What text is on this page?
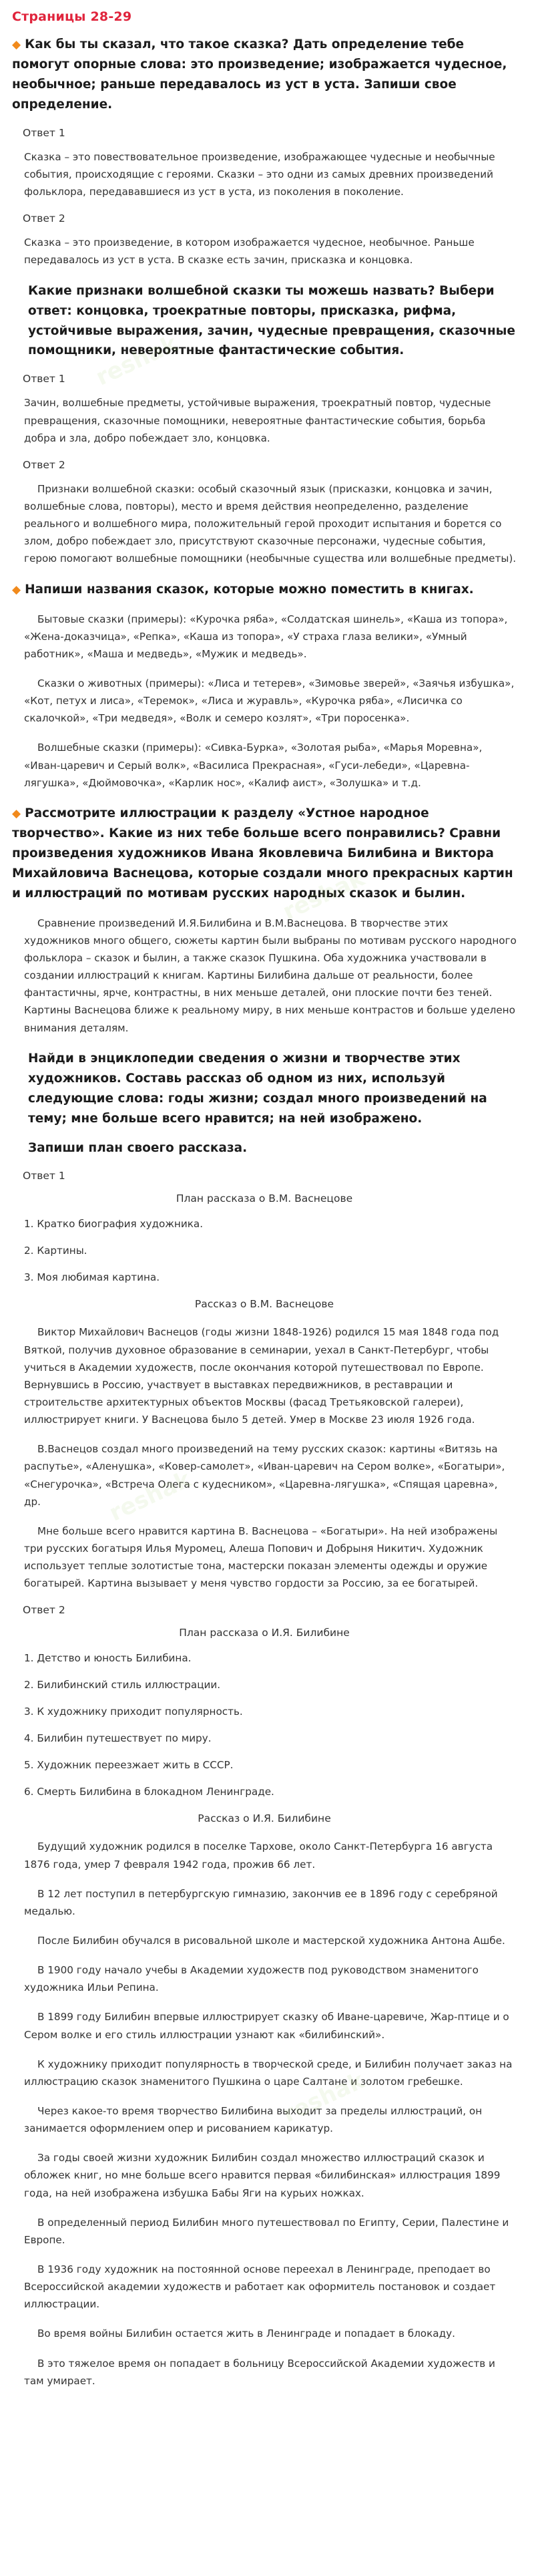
reshak
reshak
reshak
reshak
Страницы 28-29
◆ Как бы ты сказал, что такое сказка? Дать определение тебе помогут опорные слова: это произведение; изображается чудесное, необычное; раньше передавалось из уст в уста. Запиши свое определение.
Ответ 1
Сказка – это повествовательное произведение, изображающее чудесные и необычные события, происходящие с героями. Сказки – это одни из самых древних произведений фольклора, передававшиеся из уст в уста, из поколения в поколение.
Ответ 2
Сказка – это произведение, в котором изображается чудесное, необычное. Раньше передавалось из уст в уста. В сказке есть зачин, присказка и концовка.
Какие признаки волшебной сказки ты можешь назвать? Выбери ответ: концовка, троекратные повторы, присказка, рифма, устойчивые выражения, зачин, чудесные превращения, сказочные помощники, невероятные фантастические события.
Ответ 1
Зачин, волшебные предметы, устойчивые выражения, троекратный повтор, чудесные превращения, сказочные помощники, невероятные фантастические события, борьба добра и зла, добро побеждает зло, концовка.
Ответ 2
Признаки волшебной сказки: особый сказочный язык (присказки, концовка и зачин, волшебные слова, повторы), место и время действия неопределенно, разделение реального и волшебного мира, положительный герой проходит испытания и борется со злом, добро побеждает зло, присутствуют сказочные персонажи, чудесные события, герою помогают волшебные помощники (необычные существа или волшебные предметы).
◆ Напиши названия сказок, которые можно поместить в книгах.
Бытовые сказки (примеры): «Курочка ряба», «Солдатская шинель», «Каша из топора», «Жена-доказчица», «Репка», «Каша из топора», «У страха глаза велики», «Умный работник», «Маша и медведь», «Мужик и медведь».
Сказки о животных (примеры): «Лиса и тетерев», «Зимовье зверей», «Заячья избушка», «Кот, петух и лиса», «Теремок», «Лиса и журавль», «Курочка ряба», «Лисичка со скалочкой», «Три медведя», «Волк и семеро козлят», «Три поросенка».
Волшебные сказки (примеры): «Сивка-Бурка», «Золотая рыба», «Марья Моревна», «Иван-царевич и Серый волк», «Василиса Прекрасная», «Гуси-лебеди», «Царевна-лягушка», «Дюймовочка», «Карлик нос», «Калиф аист», «Золушка» и т.д.
◆ Рассмотрите иллюстрации к разделу «Устное народное творчество». Какие из них тебе больше всего понравились? Сравни произведения художников Ивана Яковлевича Билибина и Виктора Михайловича Васнецова, которые создали много прекрасных картин и иллюстраций по мотивам русских народных сказок и былин.
Сравнение произведений И.Я.Билибина и В.М.Васнецова. В творчестве этих художников много общего, сюжеты картин были выбраны по мотивам русского народного фольклора – сказок и былин, а также сказок Пушкина. Оба художника участвовали в создании иллюстраций к книгам. Картины Билибина дальше от реальности, более фантастичны, ярче, контрастны, в них меньше деталей, они плоские почти без теней. Картины Васнецова ближе к реальному миру, в них меньше контрастов и больше уделено внимания деталям.
Найди в энциклопедии сведения о жизни и творчестве этих художников. Составь рассказ об одном из них, используй следующие слова: годы жизни; создал много произведений на тему; мне больше всего нравится; на ней изображено.
Запиши план своего рассказа.
Ответ 1
План рассказа о В.М. Васнецове
1. Кратко биография художника.
2. Картины.
3. Моя любимая картина.
Рассказ о В.М. Васнецове
Виктор Михайлович Васнецов (годы жизни 1848-1926) родился 15 мая 1848 года под Вяткой, получив духовное образование в семинарии, уехал в Санкт-Петербург, чтобы учиться в Академии художеств, после окончания которой путешествовал по Европе. Вернувшись в Россию, участвует в выставках передвижников, в реставрации и строительстве архитектурных объектов Москвы (фасад Третьяковской галереи), иллюстрирует книги. У Васнецова было 5 детей. Умер в Москве 23 июля 1926 года.
В.Васнецов создал много произведений на тему русских сказок: картины «Витязь на распутье», «Аленушка», «Ковер-самолет», «Иван-царевич на Сером волке», «Богатыри», «Снегурочка», «Встреча Олега с кудесником», «Царевна-лягушка», «Спящая царевна», др.
Мне больше всего нравится картина В. Васнецова – «Богатыри». На ней изображены три русских богатыря Илья Муромец, Алеша Попович и Добрыня Никитич. Художник использует теплые золотистые тона, мастерски показан элементы одежды и оружие богатырей. Картина вызывает у меня чувство гордости за Россию, за ее богатырей.
Ответ 2
План рассказа о И.Я. Билибине
1. Детство и юность Билибина.
2. Билибинский стиль иллюстрации.
3. К художнику приходит популярность.
4. Билибин путешествует по миру.
5. Художник переезжает жить в СССР.
6. Смерть Билибина в блокадном Ленинграде.
Рассказ о И.Я. Билибине
Будущий художник родился в поселке Тархове, около Санкт-Петербурга 16 августа 1876 года, умер 7 февраля 1942 года, прожив 66 лет.
В 12 лет поступил в петербургскую гимназию, закончив ее в 1896 году с серебряной медалью.
После Билибин обучался в рисовальной школе и мастерской художника Антона Ашбе.
В 1900 году начало учебы в Академии художеств под руководством знаменитого художника Ильи Репина.
В 1899 году Билибин впервые иллюстрирует сказку об Иване-царевиче, Жар-птице и о Сером волке и его стиль иллюстрации узнают как «билибинский».
К художнику приходит популярность в творческой среде, и Билибин получает заказ на иллюстрацию сказок знаменитого Пушкина о царе Салтане и золотом гребешке.
Через какое-то время творчество Билибина выходит за пределы иллюстраций, он занимается оформлением опер и рисованием карикатур.
За годы своей жизни художник Билибин создал множество иллюстраций сказок и обложек книг, но мне больше всего нравится первая «билибинская» иллюстрация 1899 года, на ней изображена избушка Бабы Яги на курьих ножках.
В определенный период Билибин много путешествовал по Египту, Серии, Палестине и Европе.
В 1936 году художник на постоянной основе переехал в Ленинграде, преподает во Всероссийской академии художеств и работает как оформитель постановок и создает иллюстрации.
Во время войны Билибин остается жить в Ленинграде и попадает в блокаду.
В это тяжелое время он попадает в больницу Всероссийской Академии художеств и там умирает.
